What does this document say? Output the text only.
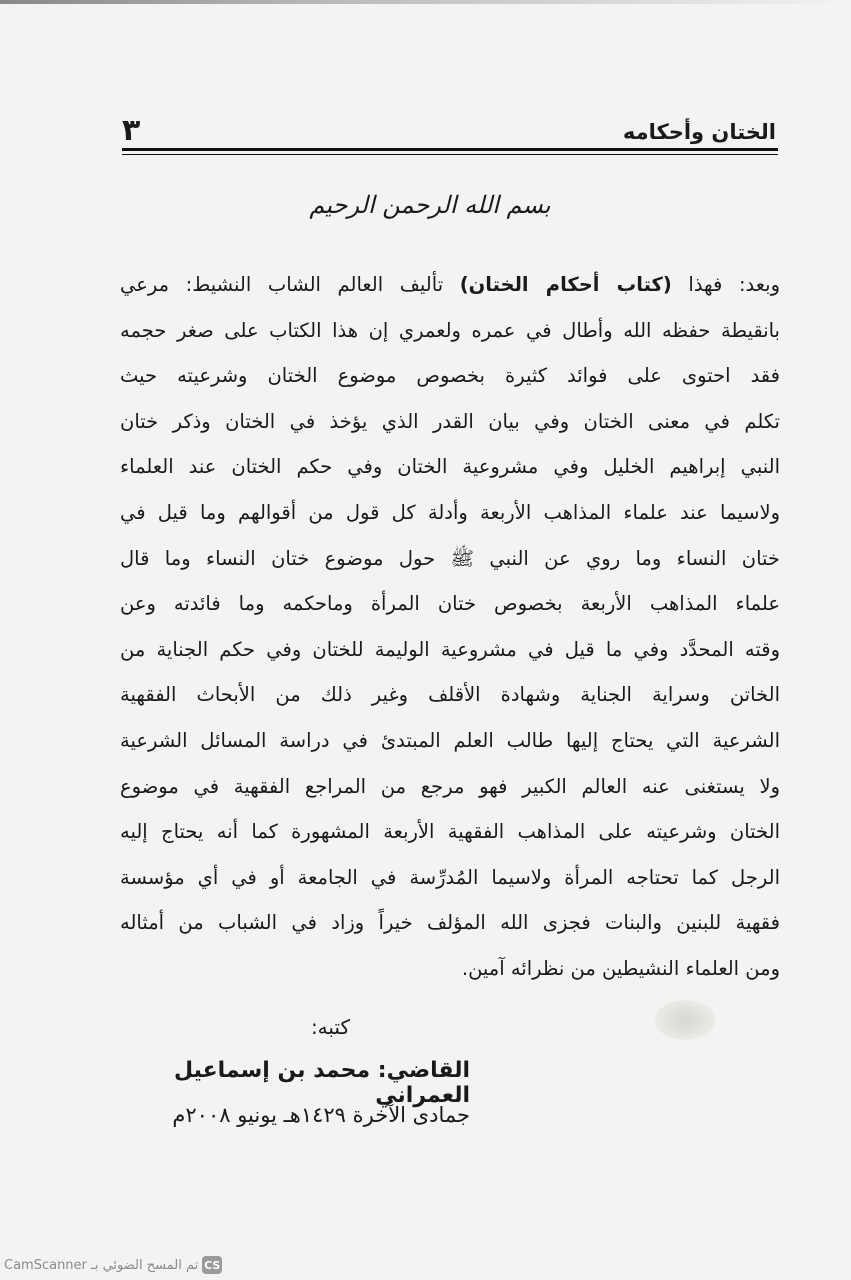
٣	الختان وأحكامه
بسم الله الرحمن الرحيم
وبعد: فهذا (كتاب أحكام الختان) تأليف العالم الشاب النشيط: مرعي
بانقيطة حفظه الله وأطال في عمره ولعمري إن هذا الكتاب على صغر حجمه
فقد احتوى على فوائد كثيرة بخصوص موضوع الختان وشرعيته حيث
تكلم في معنى الختان وفي بيان القدر الذي يؤخذ في الختان وذكر ختان
النبي إبراهيم الخليل وفي مشروعية الختان وفي حكم الختان عند العلماء
ولاسيما عند علماء المذاهب الأربعة وأدلة كل قول من أقوالهم وما قيل في
ختان النساء وما روي عن النبي ﷺ حول موضوع ختان النساء وما قال
علماء المذاهب الأربعة بخصوص ختان المرأة وماحكمه وما فائدته وعن
وقته المحدَّد وفي ما قيل في مشروعية الوليمة للختان وفي حكم الجناية من
الخاتن وسراية الجناية وشهادة الأقلف وغير ذلك من الأبحاث الفقهية
الشرعية التي يحتاج إليها طالب العلم المبتدئ في دراسة المسائل الشرعية
ولا يستغنى عنه العالم الكبير فهو مرجع من المراجع الفقهية في موضوع
الختان وشرعيته على المذاهب الفقهية الأربعة المشهورة كما أنه يحتاج إليه
الرجل كما تحتاجه المرأة ولاسيما المُدرِّسة في الجامعة أو في أي مؤسسة
فقهية للبنين والبنات فجزى الله المؤلف خيراً وزاد في الشباب من أمثاله
ومن العلماء النشيطين من نظرائه آمين.
كتبه:
القاضي: محمد بن إسماعيل العمراني
جمادى الآخرة ١٤٢٩هـ يونيو ٢٠٠٨م
CS
تم المسح الضوئي بـ CamScanner
